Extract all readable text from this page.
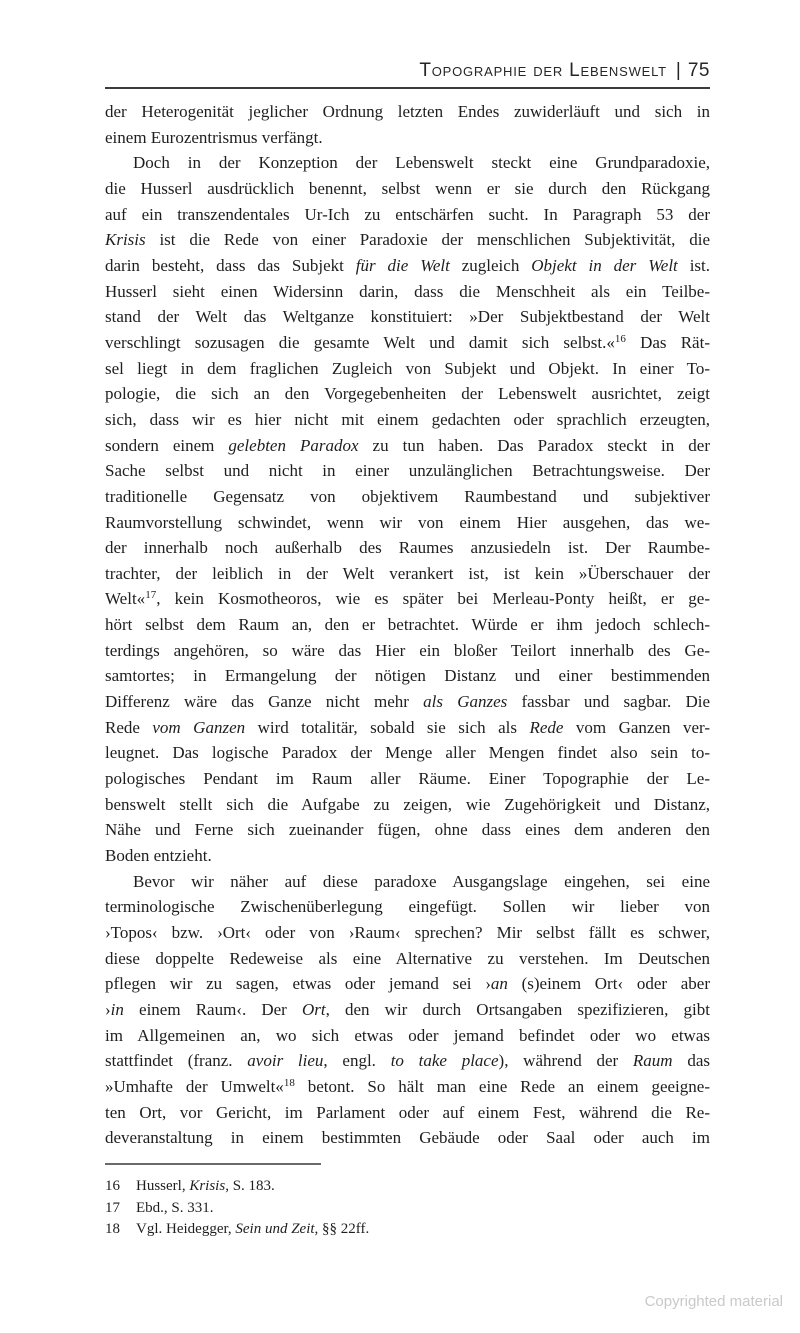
Topographie der Lebenswelt | 75
der Heterogenität jeglicher Ordnung letzten Endes zuwiderläuft und sich in
einem Eurozentrismus verfängt.
Doch in der Konzeption der Lebenswelt steckt eine Grundparadoxie,
die Husserl ausdrücklich benennt, selbst wenn er sie durch den Rückgang
auf ein transzendentales Ur-Ich zu entschärfen sucht. In Paragraph 53 der
Krisis ist die Rede von einer Paradoxie der menschlichen Subjektivität, die
darin besteht, dass das Subjekt für die Welt zugleich Objekt in der Welt ist.
Husserl sieht einen Widersinn darin, dass die Menschheit als ein Teilbe-
stand der Welt das Weltganze konstituiert: »Der Subjektbestand der Welt
verschlingt sozusagen die gesamte Welt und damit sich selbst.«$^{16}$ Das Rät-
sel liegt in dem fraglichen Zugleich von Subjekt und Objekt. In einer To-
pologie, die sich an den Vorgegebenheiten der Lebenswelt ausrichtet, zeigt
sich, dass wir es hier nicht mit einem gedachten oder sprachlich erzeugten,
sondern einem gelebten Paradox zu tun haben. Das Paradox steckt in der
Sache selbst und nicht in einer unzulänglichen Betrachtungsweise. Der
traditionelle Gegensatz von objektivem Raumbestand und subjektiver
Raumvorstellung schwindet, wenn wir von einem Hier ausgehen, das we-
der innerhalb noch außerhalb des Raumes anzusiedeln ist. Der Raumbe-
trachter, der leiblich in der Welt verankert ist, ist kein »Überschauer der
Welt«$^{17}$, kein Kosmotheoros, wie es später bei Merleau-Ponty heißt, er ge-
hört selbst dem Raum an, den er betrachtet. Würde er ihm jedoch schlech-
terdings angehören, so wäre das Hier ein bloßer Teilort innerhalb des Ge-
samtortes; in Ermangelung der nötigen Distanz und einer bestimmenden
Differenz wäre das Ganze nicht mehr als Ganzes fassbar und sagbar. Die
Rede vom Ganzen wird totalitär, sobald sie sich als Rede vom Ganzen ver-
leugnet. Das logische Paradox der Menge aller Mengen findet also sein to-
pologisches Pendant im Raum aller Räume. Einer Topographie der Le-
benswelt stellt sich die Aufgabe zu zeigen, wie Zugehörigkeit und Distanz,
Nähe und Ferne sich zueinander fügen, ohne dass eines dem anderen den
Boden entzieht.
Bevor wir näher auf diese paradoxe Ausgangslage eingehen, sei eine
terminologische Zwischenüberlegung eingefügt. Sollen wir lieber von
›Topos‹ bzw. ›Ort‹ oder von ›Raum‹ sprechen? Mir selbst fällt es schwer,
diese doppelte Redeweise als eine Alternative zu verstehen. Im Deutschen
pflegen wir zu sagen, etwas oder jemand sei ›an (s)einem Ort‹ oder aber
›in einem Raum‹. Der Ort, den wir durch Ortsangaben spezifizieren, gibt
im Allgemeinen an, wo sich etwas oder jemand befindet oder wo etwas
stattfindet (franz. avoir lieu, engl. to take place), während der Raum das
»Umhafte der Umwelt«$^{18}$ betont. So hält man eine Rede an einem geeigne-
ten Ort, vor Gericht, im Parlament oder auf einem Fest, während die Re-
deveranstaltung in einem bestimmten Gebäude oder Saal oder auch im
16 Husserl, Krisis, S. 183.
17 Ebd., S. 331.
18 Vgl. Heidegger, Sein und Zeit, §§ 22ff.
Copyrighted material
